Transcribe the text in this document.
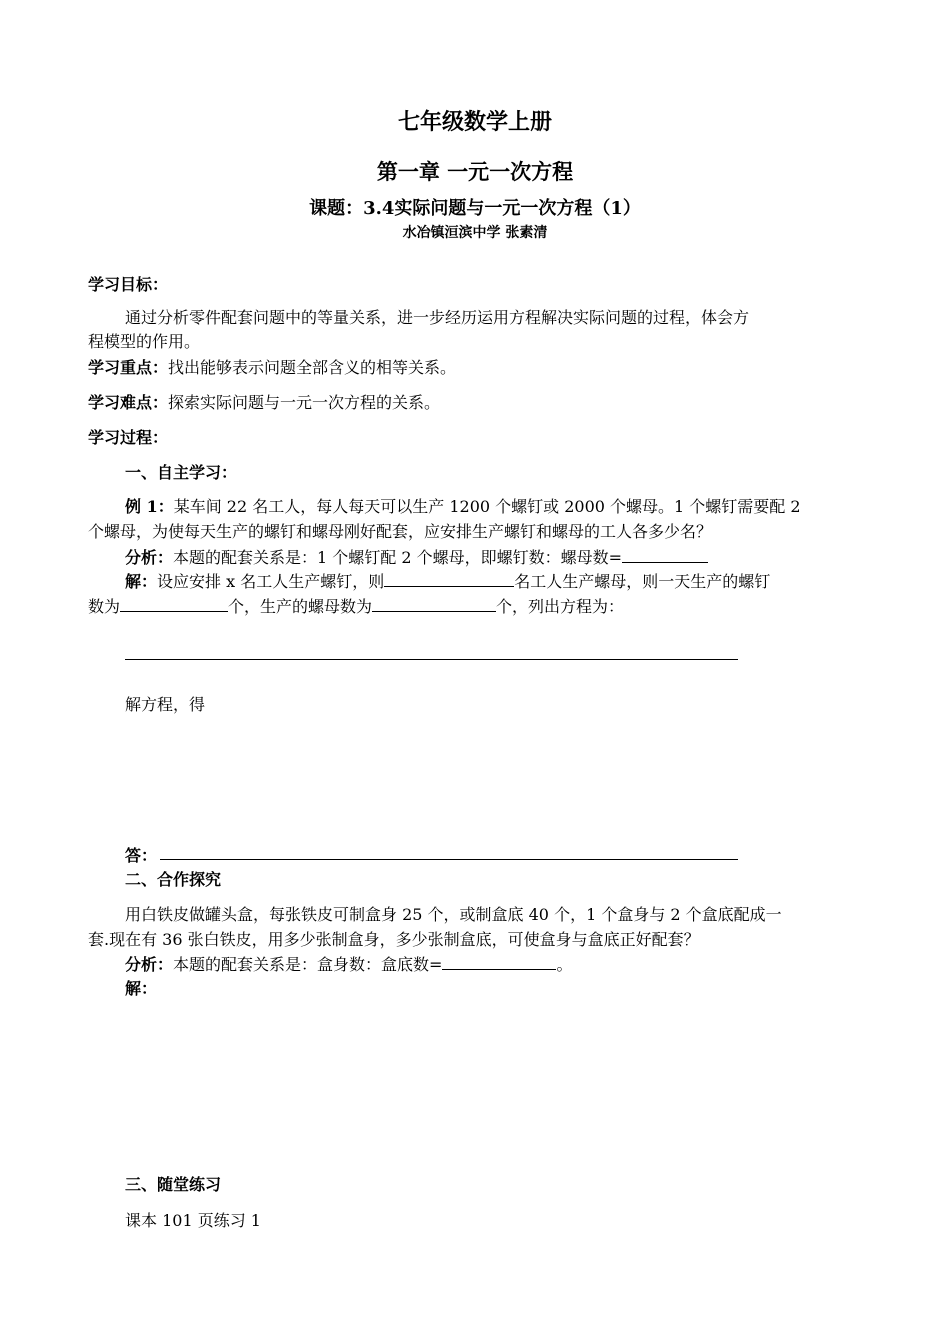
七年级数学上册
第一章 一元一次方程
课题：3.4实际问题与一元一次方程（1）
水冶镇洹滨中学 张素清
学习目标：
通过分析零件配套问题中的等量关系，进一步经历运用方程解决实际问题的过程，体会方
程模型的作用。
学习重点：找出能够表示问题全部含义的相等关系。
学习难点：探索实际问题与一元一次方程的关系。
学习过程：
一、自主学习：
例 1：某车间 22 名工人，每人每天可以生产 1200 个螺钉或 2000 个螺母。1 个螺钉需要配 2
个螺母，为使每天生产的螺钉和螺母刚好配套，应安排生产螺钉和螺母的工人各多少名？
分析：本题的配套关系是：1 个螺钉配 2 个螺母，即螺钉数：螺母数=
解：设应安排 x 名工人生产螺钉，则	名工人生产螺母，则一天生产的螺钉
数为	个，生产的螺母数为	个，列出方程为：
解方程，得
答：
二、合作探究
用白铁皮做罐头盒，每张铁皮可制盒身 25 个，或制盒底 40 个，1 个盒身与 2 个盒底配成一
套.现在有 36 张白铁皮，用多少张制盒身，多少张制盒底，可使盒身与盒底正好配套？
分析：本题的配套关系是：盒身数：盒底数=	。
解：
三、随堂练习
课本 101 页练习 1
